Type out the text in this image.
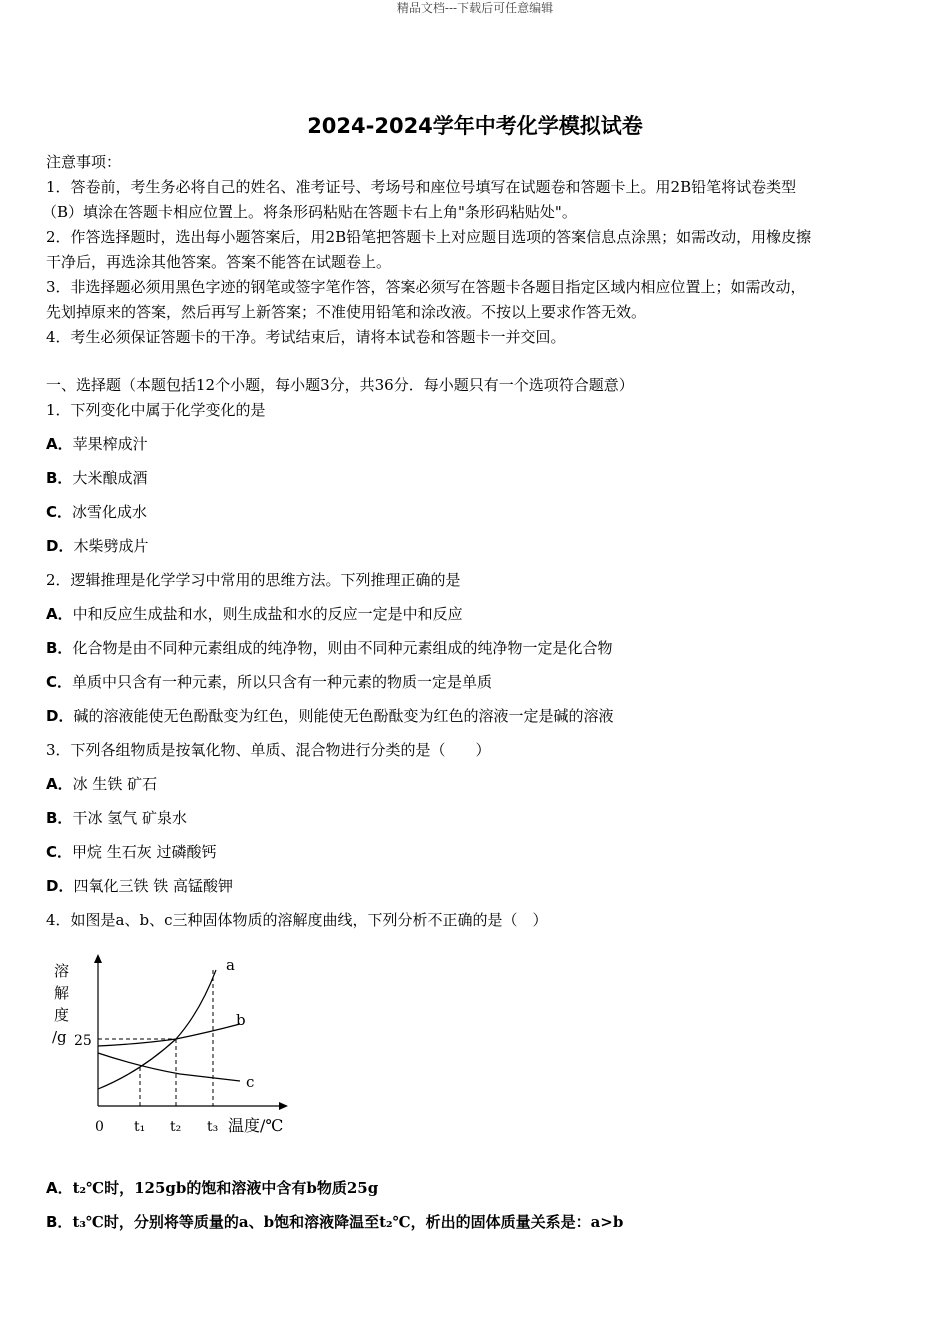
精品文档---下载后可任意编辑
2024-2024学年中考化学模拟试卷
注意事项：
1．答卷前，考生务必将自己的姓名、准考证号、考场号和座位号填写在试题卷和答题卡上。用2B铅笔将试卷类型
（B）填涂在答题卡相应位置上。将条形码粘贴在答题卡右上角"条形码粘贴处"。
2．作答选择题时，选出每小题答案后，用2B铅笔把答题卡上对应题目选项的答案信息点涂黑；如需改动，用橡皮擦
干净后，再选涂其他答案。答案不能答在试题卷上。
3．非选择题必须用黑色字迹的钢笔或签字笔作答，答案必须写在答题卡各题目指定区域内相应位置上；如需改动，
先划掉原来的答案，然后再写上新答案；不准使用铅笔和涂改液。不按以上要求作答无效。
4．考生必须保证答题卡的干净。考试结束后，请将本试卷和答题卡一并交回。
一、选择题（本题包括12个小题，每小题3分，共36分．每小题只有一个选项符合题意）
1．下列变化中属于化学变化的是
A．苹果榨成汁
B．大米酿成酒
C．冰雪化成水
D．木柴劈成片
2．逻辑推理是化学学习中常用的思维方法。下列推理正确的是
A．中和反应生成盐和水，则生成盐和水的反应一定是中和反应
B．化合物是由不同种元素组成的纯净物，则由不同种元素组成的纯净物一定是化合物
C．单质中只含有一种元素，所以只含有一种元素的物质一定是单质
D．碱的溶液能使无色酚酞变为红色，则能使无色酚酞变为红色的溶液一定是碱的溶液
3．下列各组物质是按氧化物、单质、混合物进行分类的是（　　）
A．冰 生铁 矿石
B．干冰 氢气 矿泉水
C．甲烷 生石灰 过磷酸钙
D．四氧化三铁 铁 高锰酸钾
4．如图是a、b、c三种固体物质的溶解度曲线，下列分析不正确的是（　）
溶
解
度
/g 25
a
b
c
0 t₁ t₂ t₃ 温度/℃
A．t₂℃时，125gb的饱和溶液中含有b物质25g
B．t₃℃时，分别将等质量的a、b饱和溶液降温至t₂℃，析出的固体质量关系是：a>b
